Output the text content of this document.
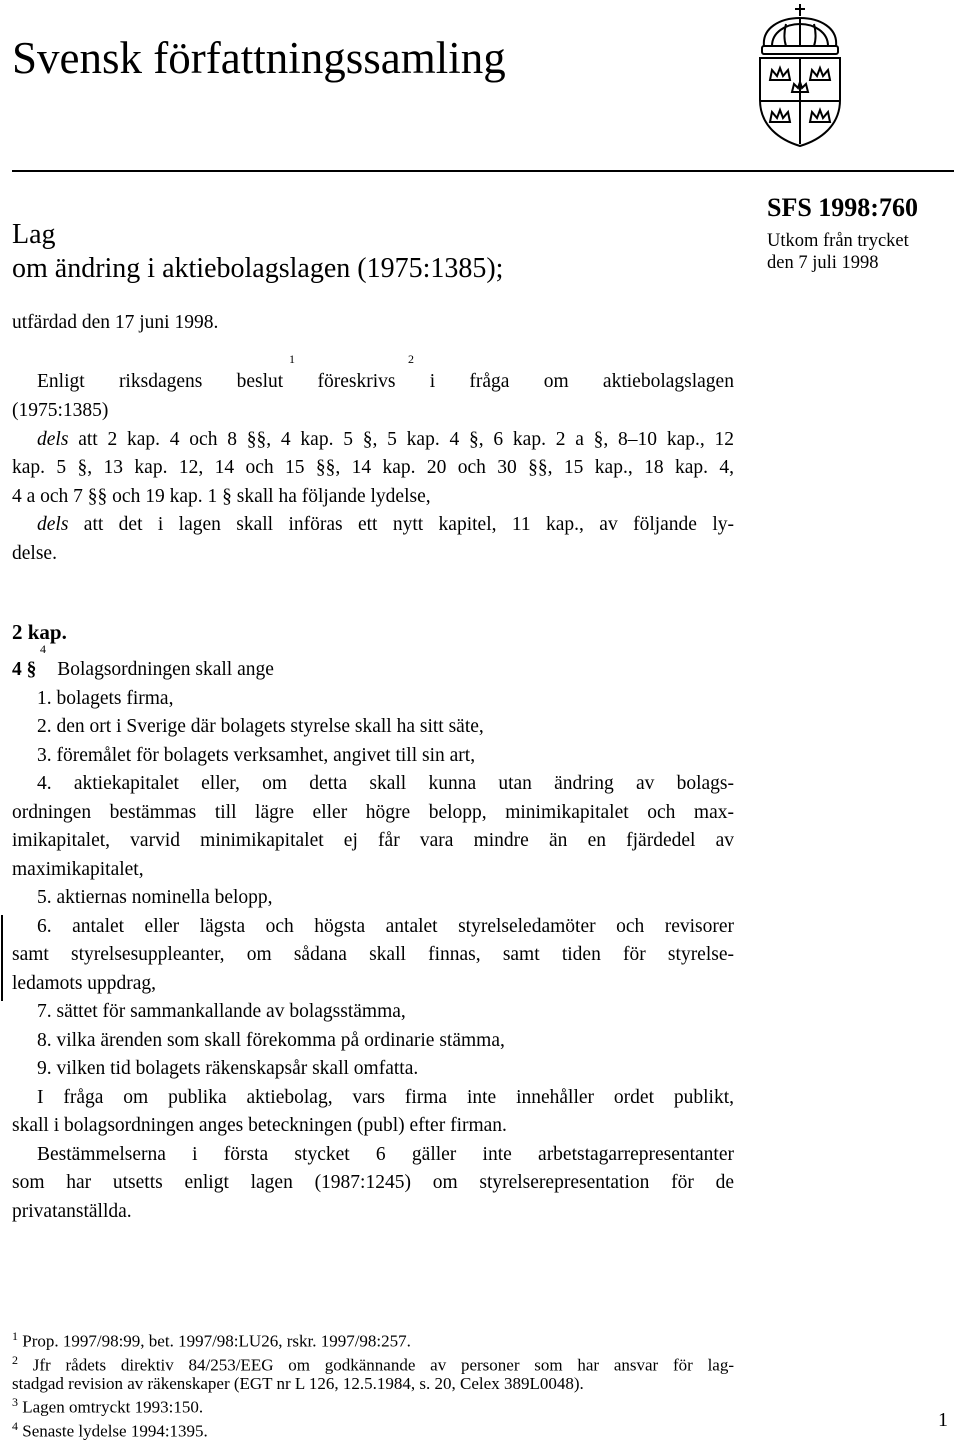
Svensk författningssamling
Lag
om ändring i aktiebolagslagen (1975:1385);
SFS 1998:760
Utkom från trycket
den 7 juli 1998
utfärdad den 17 juni 1998.
1	2
Enligt riksdagens beslut föreskrivs i fråga om aktiebolagslagen
(1975:1385)
dels att 2 kap. 4 och 8 §§, 4 kap. 5 §, 5 kap. 4 §, 6 kap. 2 a §, 8–10 kap., 12
kap. 5 §, 13 kap. 12, 14 och 15 §§, 14 kap. 20 och 30 §§, 15 kap., 18 kap. 4,
4 a och 7 §§ och 19 kap. 1 § skall ha följande lydelse,
dels att det i lagen skall införas ett nytt kapitel, 11 kap., av följande ly-
delse.
2 kap.
4
4 § Bolagsordningen skall ange
1. bolagets firma,
2. den ort i Sverige där bolagets styrelse skall ha sitt säte,
3. föremålet för bolagets verksamhet, angivet till sin art,
4. aktiekapitalet eller, om detta skall kunna utan ändring av bolags-
ordningen bestämmas till lägre eller högre belopp, minimikapitalet och max-
imikapitalet, varvid minimikapitalet ej får vara mindre än en fjärdedel av
maximikapitalet,
5. aktiernas nominella belopp,
6. antalet eller lägsta och högsta antalet styrelseledamöter och revisorer
samt styrelsesuppleanter, om sådana skall finnas, samt tiden för styrelse-
ledamots uppdrag,
7. sättet för sammankallande av bolagsstämma,
8. vilka ärenden som skall förekomma på ordinarie stämma,
9. vilken tid bolagets räkenskapsår skall omfatta.
I fråga om publika aktiebolag, vars firma inte innehåller ordet publikt,
skall i bolagsordningen anges beteckningen (publ) efter firman.
Bestämmelserna i första stycket 6 gäller inte arbetstagarrepresentanter
som har utsetts enligt lagen (1987:1245) om styrelserepresentation för de
privatanställda.
$^1$ Prop. 1997/98:99, bet. 1997/98:LU26, rskr. 1997/98:257.
$^2$ Jfr rådets direktiv 84/253/EEG om godkännande av personer som har ansvar för lag-
stadgad revision av räkenskaper (EGT nr L 126, 12.5.1984, s. 20, Celex 389L0048).
$^3$ Lagen omtryckt 1993:150.
$^4$ Senaste lydelse 1994:1395.
1
